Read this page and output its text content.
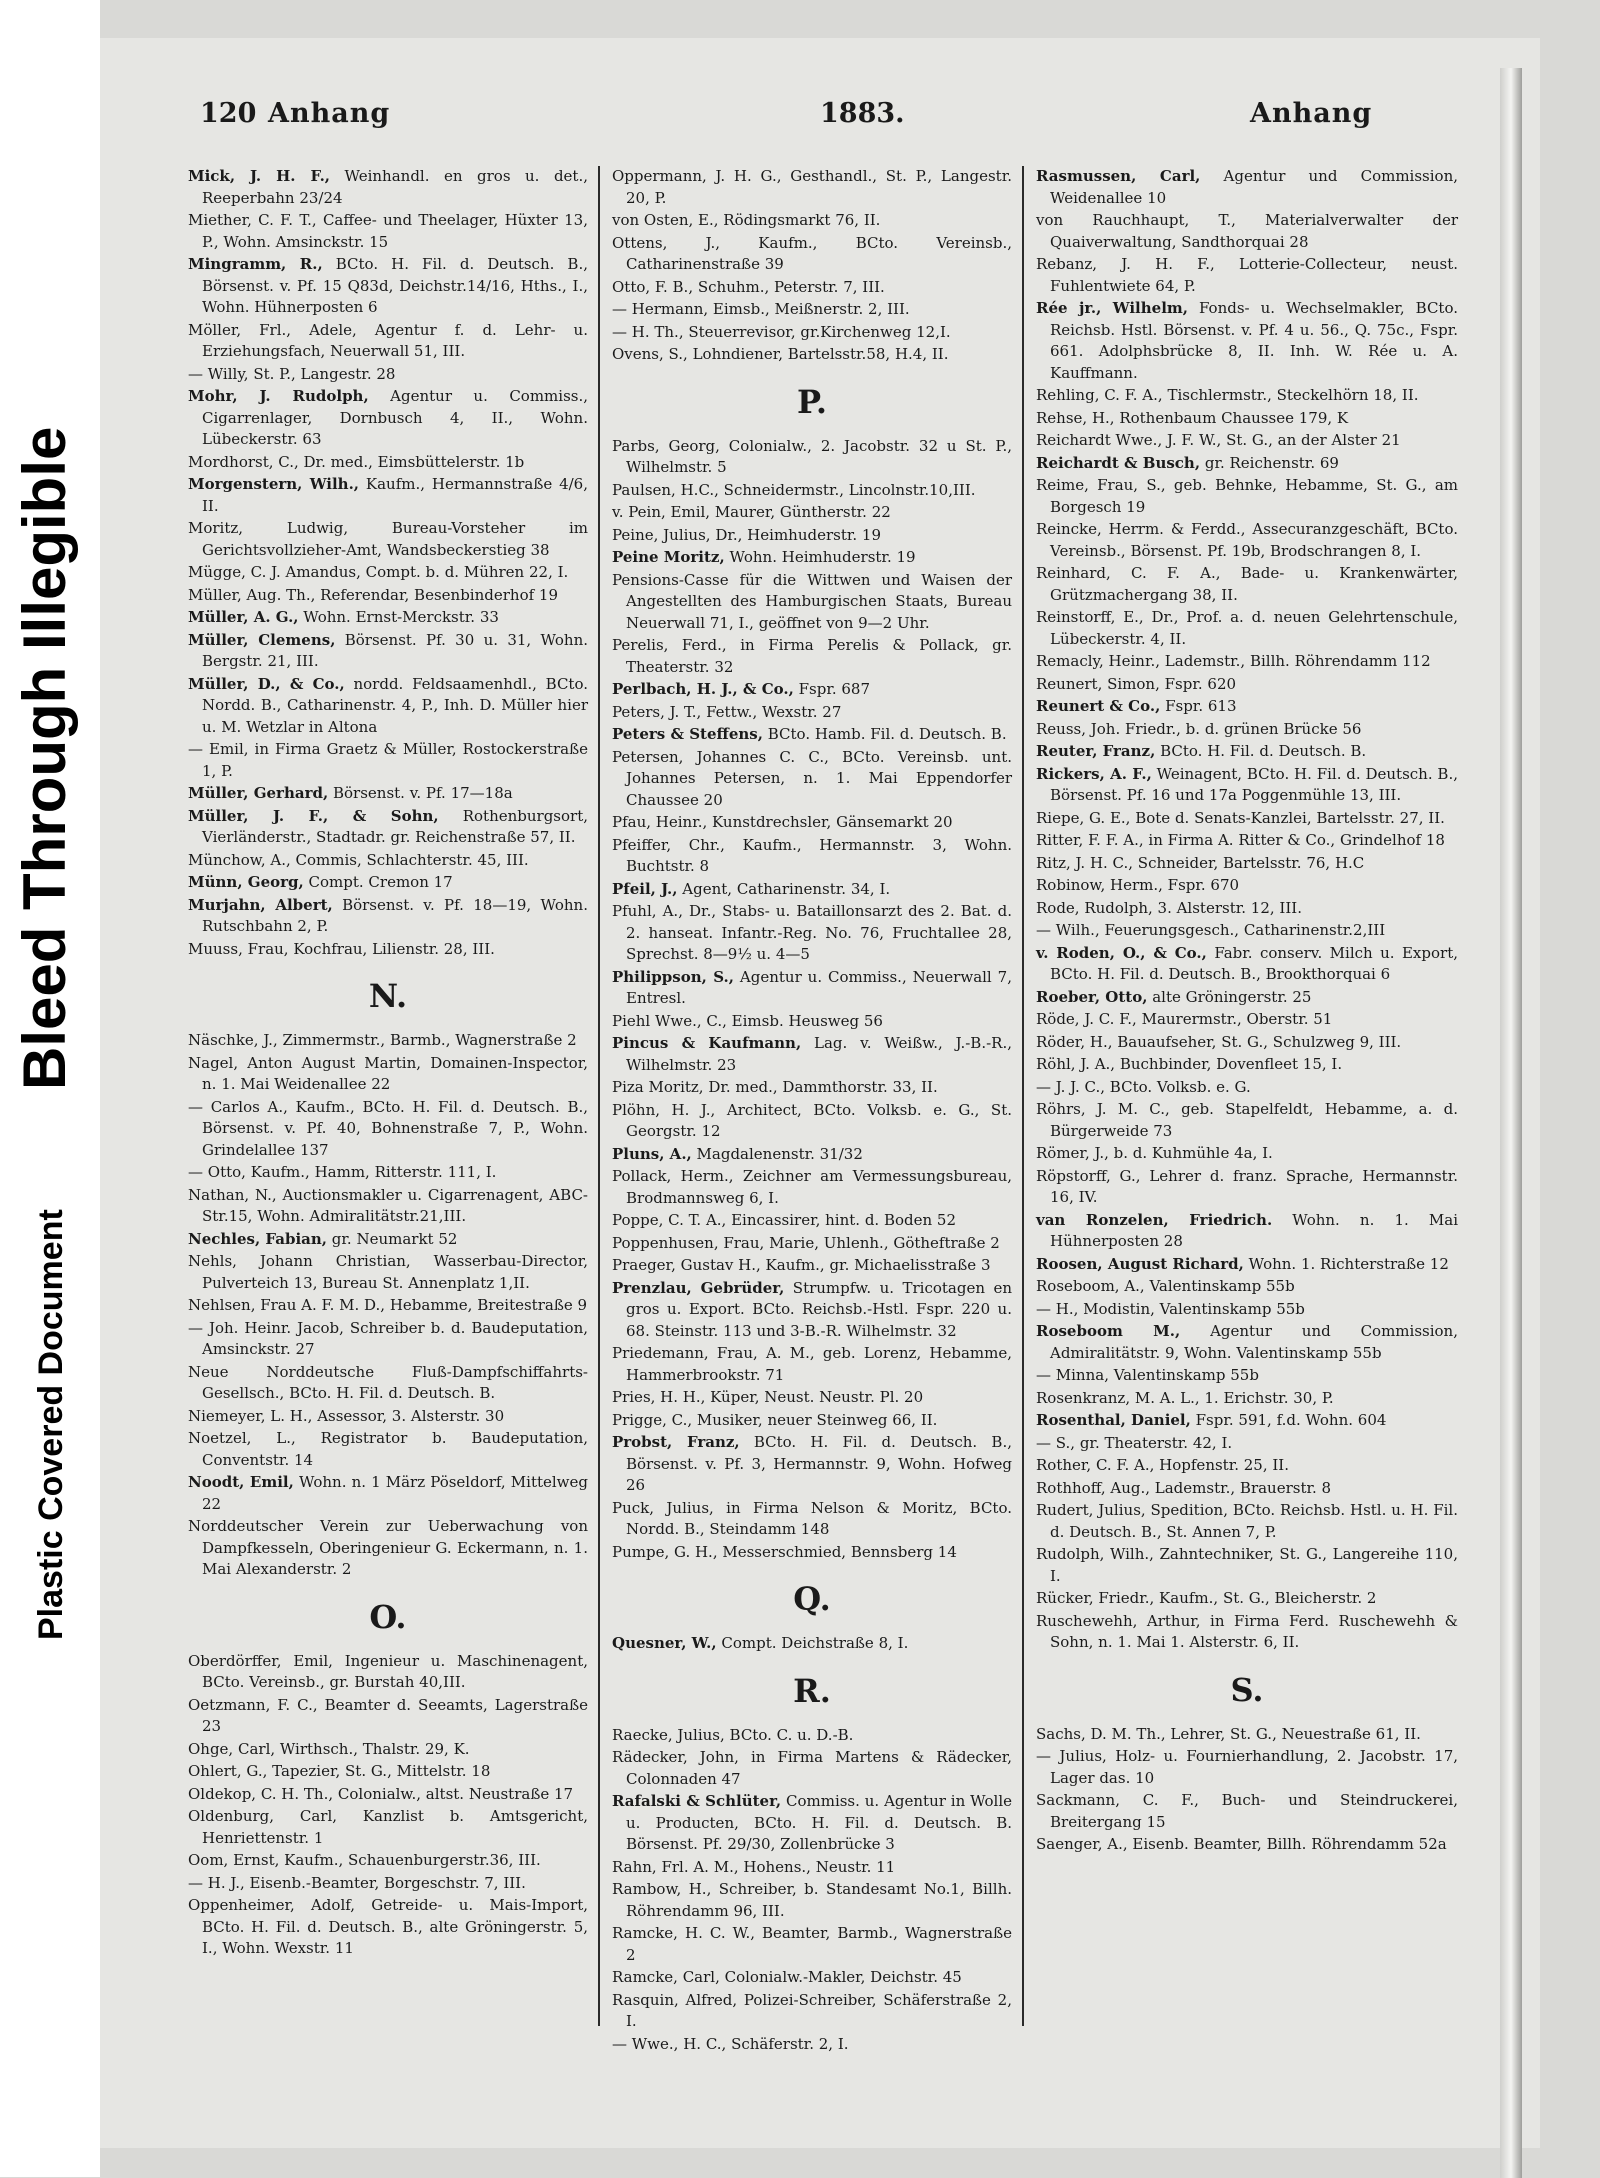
Bleed Through Illegible
Plastic Covered Document
120 Anhang	1883.	Anhang
Mick, J. H. F., Weinhandl. en gros u. det., Reeperbahn 23/24
Miether, C. F. T., Caffee- und Theelager, Hüxter 13, P., Wohn. Amsinckstr. 15
Mingramm, R., BCto. H. Fil. d. Deutsch. B., Börsenst. v. Pf. 15 Q83d, Deichstr.14/16, Hths., I., Wohn. Hühnerposten 6
Möller, Frl., Adele, Agentur f. d. Lehr- u. Erziehungsfach, Neuerwall 51, III.
— Willy, St. P., Langestr. 28
Mohr, J. Rudolph, Agentur u. Commiss., Cigarrenlager, Dornbusch 4, II., Wohn. Lübeckerstr. 63
Mordhorst, C., Dr. med., Eimsbüttelerstr. 1b
Morgenstern, Wilh., Kaufm., Hermannstraße 4/6, II.
Moritz, Ludwig, Bureau-Vorsteher im Gerichtsvollzieher-Amt, Wandsbeckerstieg 38
Mügge, C. J. Amandus, Compt. b. d. Mühren 22, I.
Müller, Aug. Th., Referendar, Besenbinderhof 19
Müller, A. G., Wohn. Ernst-Merckstr. 33
Müller, Clemens, Börsenst. Pf. 30 u. 31, Wohn. Bergstr. 21, III.
Müller, D., & Co., nordd. Feldsaamenhdl., BCto. Nordd. B., Catharinenstr. 4, P., Inh. D. Müller hier u. M. Wetzlar in Altona
— Emil, in Firma Graetz & Müller, Rostockerstraße 1, P.
Müller, Gerhard, Börsenst. v. Pf. 17—18a
Müller, J. F., & Sohn, Rothenburgsort, Vierländerstr., Stadtadr. gr. Reichenstraße 57, II.
Münchow, A., Commis, Schlachterstr. 45, III.
Münn, Georg, Compt. Cremon 17
Murjahn, Albert, Börsenst. v. Pf. 18—19, Wohn. Rutschbahn 2, P.
Muuss, Frau, Kochfrau, Lilienstr. 28, III.
N.
Näschke, J., Zimmermstr., Barmb., Wagnerstraße 2
Nagel, Anton August Martin, Domainen-Inspector, n. 1. Mai Weidenallee 22
— Carlos A., Kaufm., BCto. H. Fil. d. Deutsch. B., Börsenst. v. Pf. 40, Bohnenstraße 7, P., Wohn. Grindelallee 137
— Otto, Kaufm., Hamm, Ritterstr. 111, I.
Nathan, N., Auctionsmakler u. Cigarrenagent, ABC-Str.15, Wohn. Admiralitätstr.21,III.
Nechles, Fabian, gr. Neumarkt 52
Nehls, Johann Christian, Wasserbau-Director, Pulverteich 13, Bureau St. Annenplatz 1,II.
Nehlsen, Frau A. F. M. D., Hebamme, Breitestraße 9
— Joh. Heinr. Jacob, Schreiber b. d. Baudeputation, Amsinckstr. 27
Neue Norddeutsche Fluß-Dampfschiffahrts-Gesellsch., BCto. H. Fil. d. Deutsch. B.
Niemeyer, L. H., Assessor, 3. Alsterstr. 30
Noetzel, L., Registrator b. Baudeputation, Conventstr. 14
Noodt, Emil, Wohn. n. 1 März Pöseldorf, Mittelweg 22
Norddeutscher Verein zur Ueberwachung von Dampfkesseln, Oberingenieur G. Eckermann, n. 1. Mai Alexanderstr. 2
O.
Oberdörffer, Emil, Ingenieur u. Maschinenagent, BCto. Vereinsb., gr. Burstah 40,III.
Oetzmann, F. C., Beamter d. Seeamts, Lagerstraße 23
Ohge, Carl, Wirthsch., Thalstr. 29, K.
Ohlert, G., Tapezier, St. G., Mittelstr. 18
Oldekop, C. H. Th., Colonialw., altst. Neustraße 17
Oldenburg, Carl, Kanzlist b. Amtsgericht, Henriettenstr. 1
Oom, Ernst, Kaufm., Schauenburgerstr.36, III.
— H. J., Eisenb.-Beamter, Borgeschstr. 7, III.
Oppenheimer, Adolf, Getreide- u. Mais-Import, BCto. H. Fil. d. Deutsch. B., alte Gröningerstr. 5, I., Wohn. Wexstr. 11
Oppermann, J. H. G., Gesthandl., St. P., Langestr. 20, P.
von Osten, E., Rödingsmarkt 76, II.
Ottens, J., Kaufm., BCto. Vereinsb., Catharinenstraße 39
Otto, F. B., Schuhm., Peterstr. 7, III.
— Hermann, Eimsb., Meißnerstr. 2, III.
— H. Th., Steuerrevisor, gr.Kirchenweg 12,I.
Ovens, S., Lohndiener, Bartelsstr.58, H.4, II.
P.
Parbs, Georg, Colonialw., 2. Jacobstr. 32 u St. P., Wilhelmstr. 5
Paulsen, H.C., Schneidermstr., Lincolnstr.10,III.
v. Pein, Emil, Maurer, Güntherstr. 22
Peine, Julius, Dr., Heimhuderstr. 19
Peine Moritz, Wohn. Heimhuderstr. 19
Pensions-Casse für die Wittwen und Waisen der Angestellten des Hamburgischen Staats, Bureau Neuerwall 71, I., geöffnet von 9—2 Uhr.
Perelis, Ferd., in Firma Perelis & Pollack, gr. Theaterstr. 32
Perlbach, H. J., & Co., Fspr. 687
Peters, J. T., Fettw., Wexstr. 27
Peters & Steffens, BCto. Hamb. Fil. d. Deutsch. B.
Petersen, Johannes C. C., BCto. Vereinsb. unt. Johannes Petersen, n. 1. Mai Eppendorfer Chaussee 20
Pfau, Heinr., Kunstdrechsler, Gänsemarkt 20
Pfeiffer, Chr., Kaufm., Hermannstr. 3, Wohn. Buchtstr. 8
Pfeil, J., Agent, Catharinenstr. 34, I.
Pfuhl, A., Dr., Stabs- u. Bataillonsarzt des 2. Bat. d. 2. hanseat. Infantr.-Reg. No. 76, Fruchtallee 28, Sprechst. 8—9½ u. 4—5
Philippson, S., Agentur u. Commiss., Neuerwall 7, Entresl.
Piehl Wwe., C., Eimsb. Heusweg 56
Pincus & Kaufmann, Lag. v. Weißw., J.-B.-R., Wilhelmstr. 23
Piza Moritz, Dr. med., Dammthorstr. 33, II.
Plöhn, H. J., Architect, BCto. Volksb. e. G., St. Georgstr. 12
Pluns, A., Magdalenenstr. 31/32
Pollack, Herm., Zeichner am Vermessungsbureau, Brodmannsweg 6, I.
Poppe, C. T. A., Eincassirer, hint. d. Boden 52
Poppenhusen, Frau, Marie, Uhlenh., Götheftraße 2
Praeger, Gustav H., Kaufm., gr. Michaelisstraße 3
Prenzlau, Gebrüder, Strumpfw. u. Tricotagen en gros u. Export. BCto. Reichsb.-Hstl. Fspr. 220 u. 68. Steinstr. 113 und 3-B.-R. Wilhelmstr. 32
Priedemann, Frau, A. M., geb. Lorenz, Hebamme, Hammerbrookstr. 71
Pries, H. H., Küper, Neust. Neustr. Pl. 20
Prigge, C., Musiker, neuer Steinweg 66, II.
Probst, Franz, BCto. H. Fil. d. Deutsch. B., Börsenst. v. Pf. 3, Hermannstr. 9, Wohn. Hofweg 26
Puck, Julius, in Firma Nelson & Moritz, BCto. Nordd. B., Steindamm 148
Pumpe, G. H., Messerschmied, Bennsberg 14
Q.
Quesner, W., Compt. Deichstraße 8, I.
R.
Raecke, Julius, BCto. C. u. D.-B.
Rädecker, John, in Firma Martens & Rädecker, Colonnaden 47
Rafalski & Schlüter, Commiss. u. Agentur in Wolle u. Producten, BCto. H. Fil. d. Deutsch. B. Börsenst. Pf. 29/30, Zollenbrücke 3
Rahn, Frl. A. M., Hohens., Neustr. 11
Rambow, H., Schreiber, b. Standesamt No.1, Billh. Röhrendamm 96, III.
Ramcke, H. C. W., Beamter, Barmb., Wagnerstraße 2
Ramcke, Carl, Colonialw.-Makler, Deichstr. 45
Rasquin, Alfred, Polizei-Schreiber, Schäferstraße 2, I.
— Wwe., H. C., Schäferstr. 2, I.
Rasmussen, Carl, Agentur und Commission, Weidenallee 10
von Rauchhaupt, T., Materialverwalter der Quaiverwaltung, Sandthorquai 28
Rebanz, J. H. F., Lotterie-Collecteur, neust. Fuhlentwiete 64, P.
Rée jr., Wilhelm, Fonds- u. Wechselmakler, BCto. Reichsb. Hstl. Börsenst. v. Pf. 4 u. 56., Q. 75c., Fspr. 661. Adolphsbrücke 8, II. Inh. W. Rée u. A. Kauffmann.
Rehling, C. F. A., Tischlermstr., Steckelhörn 18, II.
Rehse, H., Rothenbaum Chaussee 179, K
Reichardt Wwe., J. F. W., St. G., an der Alster 21
Reichardt & Busch, gr. Reichenstr. 69
Reime, Frau, S., geb. Behnke, Hebamme, St. G., am Borgesch 19
Reincke, Herrm. & Ferdd., Assecuranzgeschäft, BCto. Vereinsb., Börsenst. Pf. 19b, Brodschrangen 8, I.
Reinhard, C. F. A., Bade- u. Krankenwärter, Grützmachergang 38, II.
Reinstorff, E., Dr., Prof. a. d. neuen Gelehrtenschule, Lübeckerstr. 4, II.
Remacly, Heinr., Lademstr., Billh. Röhrendamm 112
Reunert, Simon, Fspr. 620
Reunert & Co., Fspr. 613
Reuss, Joh. Friedr., b. d. grünen Brücke 56
Reuter, Franz, BCto. H. Fil. d. Deutsch. B.
Rickers, A. F., Weinagent, BCto. H. Fil. d. Deutsch. B., Börsenst. Pf. 16 und 17a Poggenmühle 13, III.
Riepe, G. E., Bote d. Senats-Kanzlei, Bartelsstr. 27, II.
Ritter, F. F. A., in Firma A. Ritter & Co., Grindelhof 18
Ritz, J. H. C., Schneider, Bartelsstr. 76, H.C
Robinow, Herm., Fspr. 670
Rode, Rudolph, 3. Alsterstr. 12, III.
— Wilh., Feuerungsgesch., Catharinenstr.2,III
v. Roden, O., & Co., Fabr. conserv. Milch u. Export, BCto. H. Fil. d. Deutsch. B., Brookthorquai 6
Roeber, Otto, alte Gröningerstr. 25
Röde, J. C. F., Maurermstr., Oberstr. 51
Röder, H., Bauaufseher, St. G., Schulzweg 9, III.
Röhl, J. A., Buchbinder, Dovenfleet 15, I.
— J. J. C., BCto. Volksb. e. G.
Röhrs, J. M. C., geb. Stapelfeldt, Hebamme, a. d. Bürgerweide 73
Römer, J., b. d. Kuhmühle 4a, I.
Röpstorff, G., Lehrer d. franz. Sprache, Hermannstr. 16, IV.
van Ronzelen, Friedrich. Wohn. n. 1. Mai Hühnerposten 28
Roosen, August Richard, Wohn. 1. Richterstraße 12
Roseboom, A., Valentinskamp 55b
— H., Modistin, Valentinskamp 55b
Roseboom M., Agentur und Commission, Admiralitätstr. 9, Wohn. Valentinskamp 55b
— Minna, Valentinskamp 55b
Rosenkranz, M. A. L., 1. Erichstr. 30, P.
Rosenthal, Daniel, Fspr. 591, f.d. Wohn. 604
— S., gr. Theaterstr. 42, I.
Rother, C. F. A., Hopfenstr. 25, II.
Rothhoff, Aug., Lademstr., Brauerstr. 8
Rudert, Julius, Spedition, BCto. Reichsb. Hstl. u. H. Fil. d. Deutsch. B., St. Annen 7, P.
Rudolph, Wilh., Zahntechniker, St. G., Langereihe 110, I.
Rücker, Friedr., Kaufm., St. G., Bleicherstr. 2
Ruschewehh, Arthur, in Firma Ferd. Ruschewehh & Sohn, n. 1. Mai 1. Alsterstr. 6, II.
S.
Sachs, D. M. Th., Lehrer, St. G., Neuestraße 61, II.
— Julius, Holz- u. Fournierhandlung, 2. Jacobstr. 17, Lager das. 10
Sackmann, C. F., Buch- und Steindruckerei, Breitergang 15
Saenger, A., Eisenb. Beamter, Billh. Röhrendamm 52a
